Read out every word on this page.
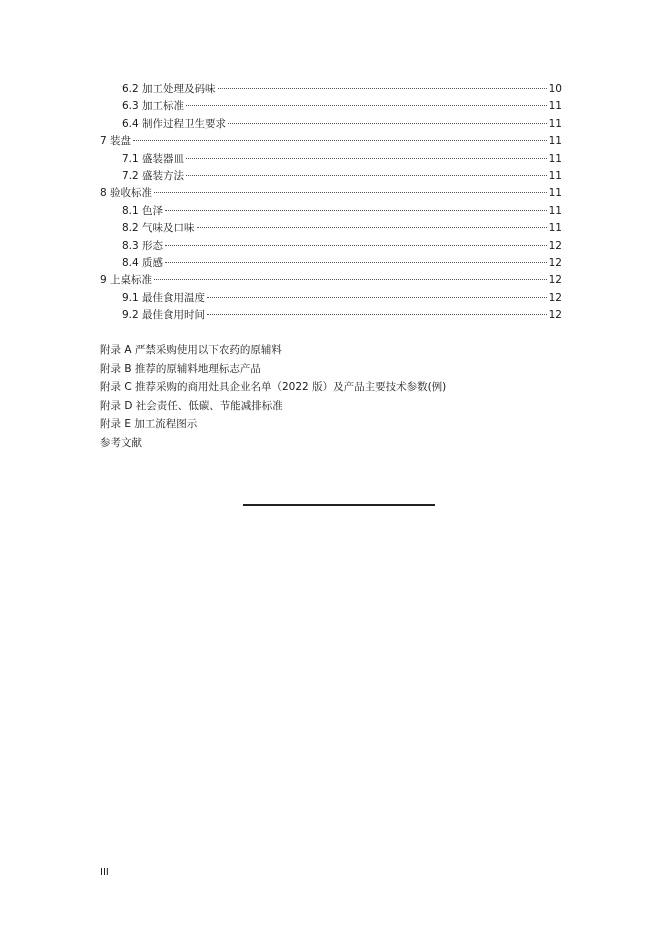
6.2 加工处理及码味	10
6.3 加工标准	11
6.4 制作过程卫生要求	11
7 装盘	11
7.1 盛装器皿	11
7.2 盛装方法	11
8 验收标准	11
8.1 色泽	11
8.2 气味及口味	11
8.3 形态	12
8.4 质感	12
9 上桌标准	12
9.1 最佳食用温度	12
9.2 最佳食用时间	12
附录 A 严禁采购使用以下农药的原辅料
附录 B 推荐的原辅料地理标志产品
附录 C 推荐采购的商用灶具企业名单（2022 版）及产品主要技术参数(例)
附录 D 社会责任、低碳、节能减排标准
附录 E 加工流程图示
参考文献
III
